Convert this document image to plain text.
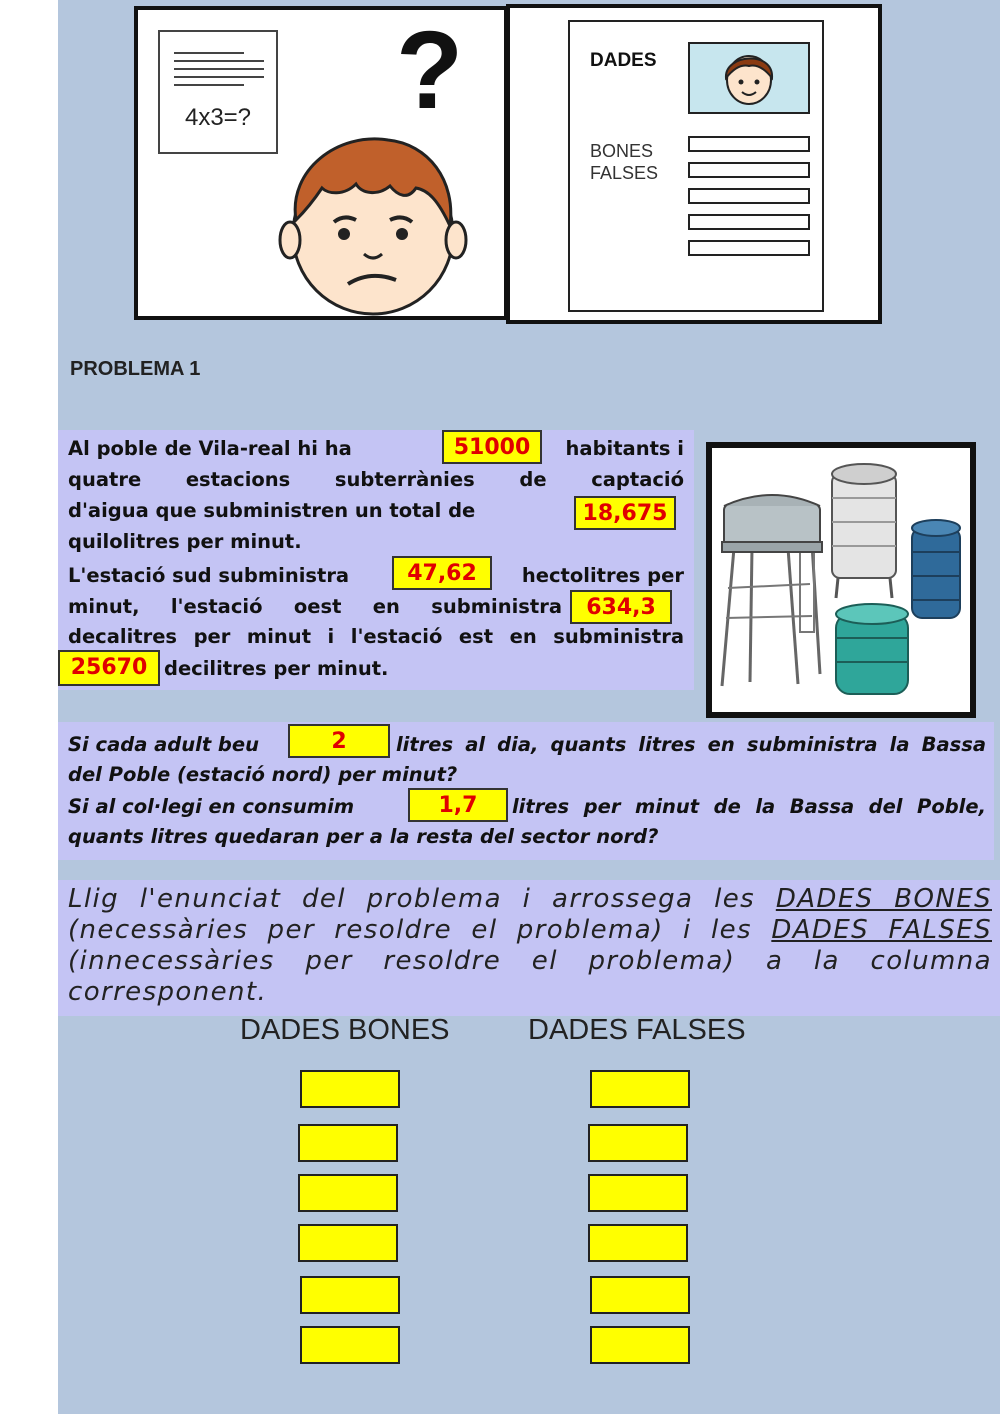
4x3=? ?	DADES
BONES
FALSES
PROBLEMA 1
Al poble de Vila-real hi ha	51000	habitants i
quatre estacions subterrànies de captació
d'aigua que subministren un total de	18,675
quilolitres per minut.
L'estació sud subministra	47,62	hectolitres per
minut, l'estació oest en subministra	634,3
decalitres per minut i l'estació est en subministra
25670 decilitres per minut.
Si cada adult beu	2	litres al dia, quants litres en subministra la Bassa
del Poble (estació nord) per minut?
Si al col·legi en consumim	1,7	litres per minut de la Bassa del Poble,
quants litres quedaran per a la resta del sector nord?
Llig l'enunciat del problema i arrossega les DADES BONES (necessàries per resoldre el problema) i les DADES FALSES (innecessàries per resoldre el problema) a la columna corresponent.
DADES BONES	DADES FALSES
